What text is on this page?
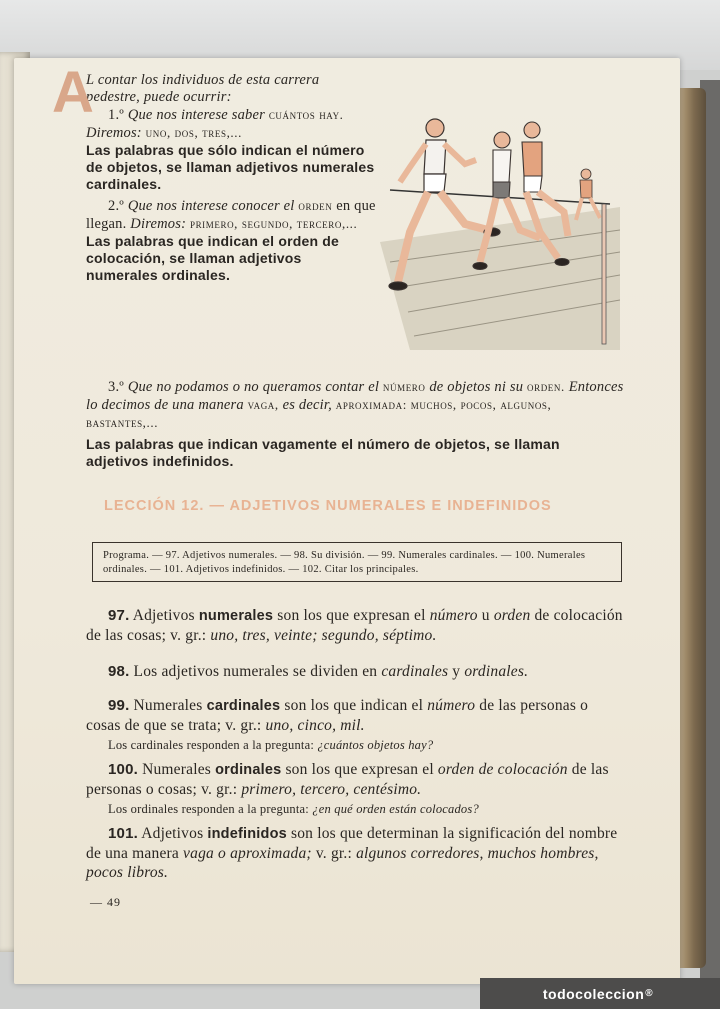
A

L contar los individuos de esta carrera pedestre, puede ocurrir:

1.º Que nos interese saber cuántos hay. Diremos: uno, dos, tres,...

Las palabras que sólo indican el número de objetos, se llaman adjetivos numerales cardinales.

2.º Que nos interese conocer el orden en que llegan. Diremos: primero, segundo, tercero,...

Las palabras que indican el orden de colocación, se llaman adjetivos numerales ordinales.

3.º Que no podamos o no queramos contar el número de objetos ni su orden. Entonces lo decimos de una manera vaga, es decir, aproximada: muchos, pocos, algunos, bastantes,...

Las palabras que indican vagamente el número de objetos, se llaman adjetivos indefinidos.

LECCIÓN 12. — ADJETIVOS NUMERALES E INDEFINIDOS
Programa. — 97. Adjetivos numerales. — 98. Su división. — 99. Numerales cardinales. — 100. Numerales ordinales. — 101. Adjetivos indefinidos. — 102. Citar los principales.

97. Adjetivos numerales son los que expresan el número u orden de colocación de las cosas; v. gr.: uno, tres, veinte; segundo, séptimo.

98. Los adjetivos numerales se dividen en cardinales y ordinales.

99. Numerales cardinales son los que indican el número de las personas o cosas de que se trata; v. gr.: uno, cinco, mil.

Los cardinales responden a la pregunta: ¿cuántos objetos hay?

100. Numerales ordinales son los que expresan el orden de colocación de las personas o cosas; v. gr.: primero, tercero, centésimo.

Los ordinales responden a la pregunta: ¿en qué orden están colocados?

101. Adjetivos indefinidos son los que determinan la significación del nombre de una manera vaga o aproximada; v. gr.: algunos corredores, muchos hombres, pocos libros.

— 49
todocoleccion ®
